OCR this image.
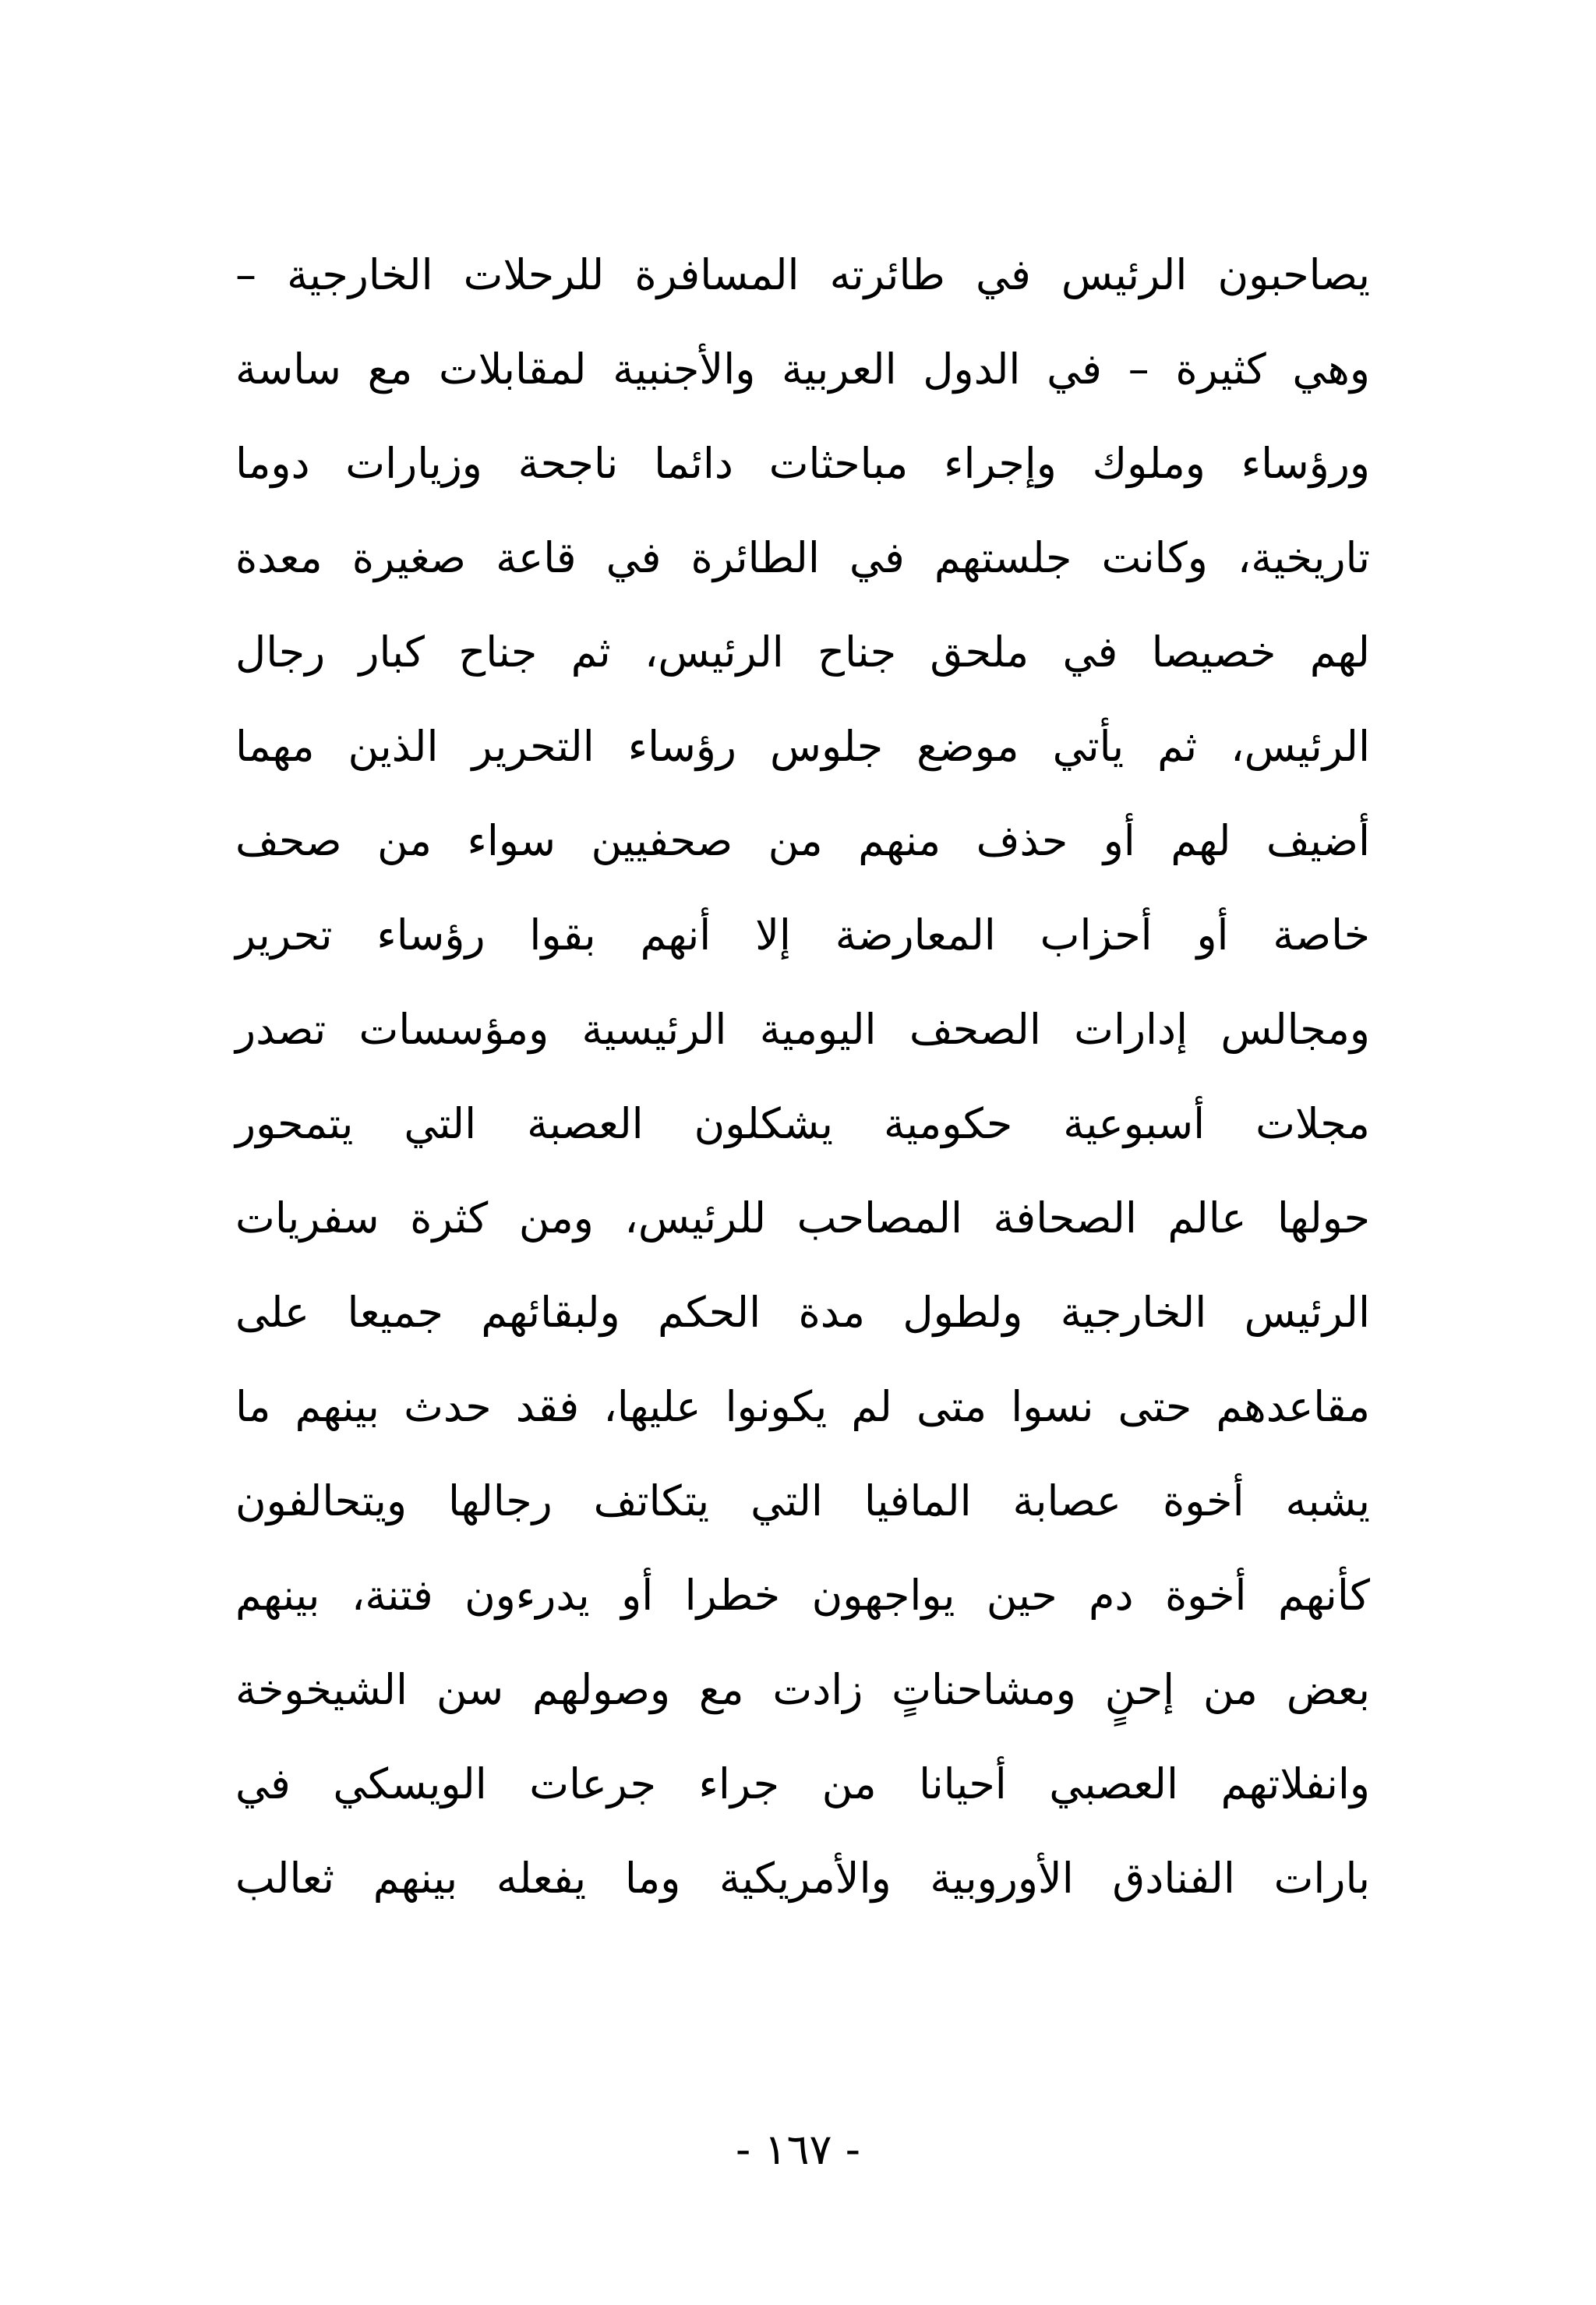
يصاحبون الرئيس في طائرته المسافرة للرحلات الخارجية –
وهي كثيرة – في الدول العربية والأجنبية لمقابلات مع ساسة
ورؤساء وملوك وإجراء مباحثات دائما ناجحة وزيارات دوما
تاريخية، وكانت جلستهم في الطائرة في قاعة صغيرة معدة
لهم خصيصا في ملحق جناح الرئيس، ثم جناح كبار رجال
الرئيس، ثم يأتي موضع جلوس رؤساء التحرير الذين مهما
أضيف لهم أو حذف منهم من صحفيين سواء من صحف
خاصة أو أحزاب المعارضة إلا أنهم بقوا رؤساء تحرير
ومجالس إدارات الصحف اليومية الرئيسية ومؤسسات تصدر
مجلات أسبوعية حكومية يشكلون العصبة التي يتمحور
حولها عالم الصحافة المصاحب للرئيس، ومن كثرة سفريات
الرئيس الخارجية ولطول مدة الحكم ولبقائهم جميعا على
مقاعدهم حتى نسوا متى لم يكونوا عليها، فقد حدث بينهم ما
يشبه أخوة عصابة المافيا التي يتكاتف رجالها ويتحالفون
كأنهم أخوة دم حين يواجهون خطرا أو يدرءون فتنة، بينهم
بعض من إحنٍ ومشاحناتٍ زادت مع وصولهم سن الشيخوخة
وانفلاتهم العصبي أحيانا من جراء جرعات الويسكي في
بارات الفنادق الأوروبية والأمريكية وما يفعله بينهم ثعالب
- ١٦٧ -
